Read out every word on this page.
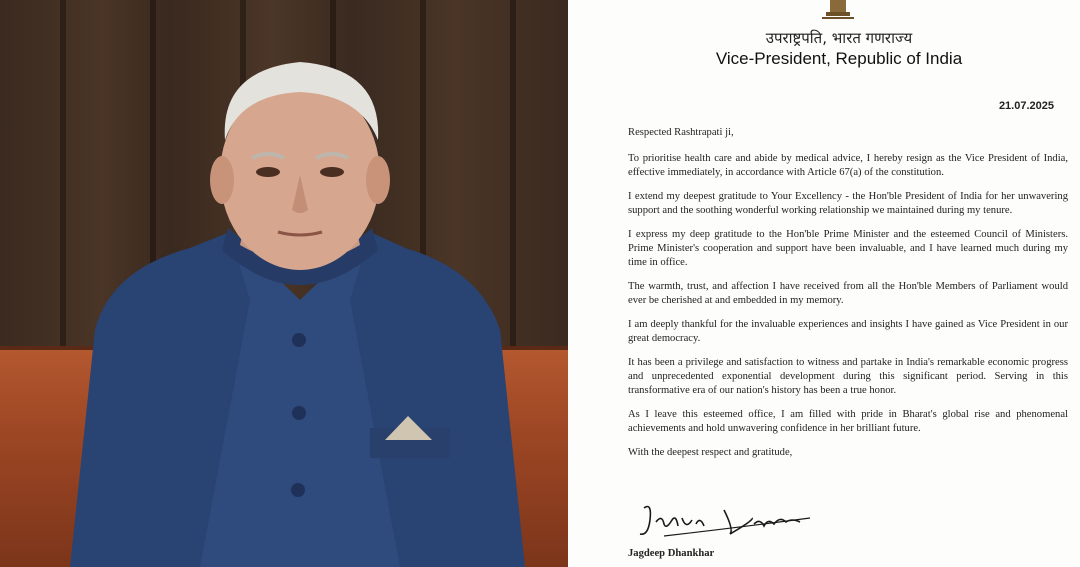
उपराष्ट्रपति, भारत गणराज्य
Vice-President, Republic of India
21.07.2025
Respected Rashtrapati ji,

To prioritise health care and abide by medical advice, I hereby resign as the Vice President of India, effective immediately, in accordance with Article 67(a) of the constitution.

I extend my deepest gratitude to Your Excellency - the Hon'ble President of India for her unwavering support and the soothing wonderful working relationship we maintained during my tenure.

I express my deep gratitude to the Hon'ble Prime Minister and the esteemed Council of Ministers. Prime Minister's cooperation and support have been invaluable, and I have learned much during my time in office.

The warmth, trust, and affection I have received from all the Hon'ble Members of Parliament would ever be cherished at and embedded in my memory.

I am deeply thankful for the invaluable experiences and insights I have gained as Vice President in our great democracy.

It has been a privilege and satisfaction to witness and partake in India's remarkable economic progress and unprecedented exponential development during this significant period. Serving in this transformative era of our nation's history has been a true honor.

As I leave this esteemed office, I am filled with pride in Bharat's global rise and phenomenal achievements and hold unwavering confidence in her brilliant future.

With the deepest respect and gratitude,

Jagdeep Dhankhar
